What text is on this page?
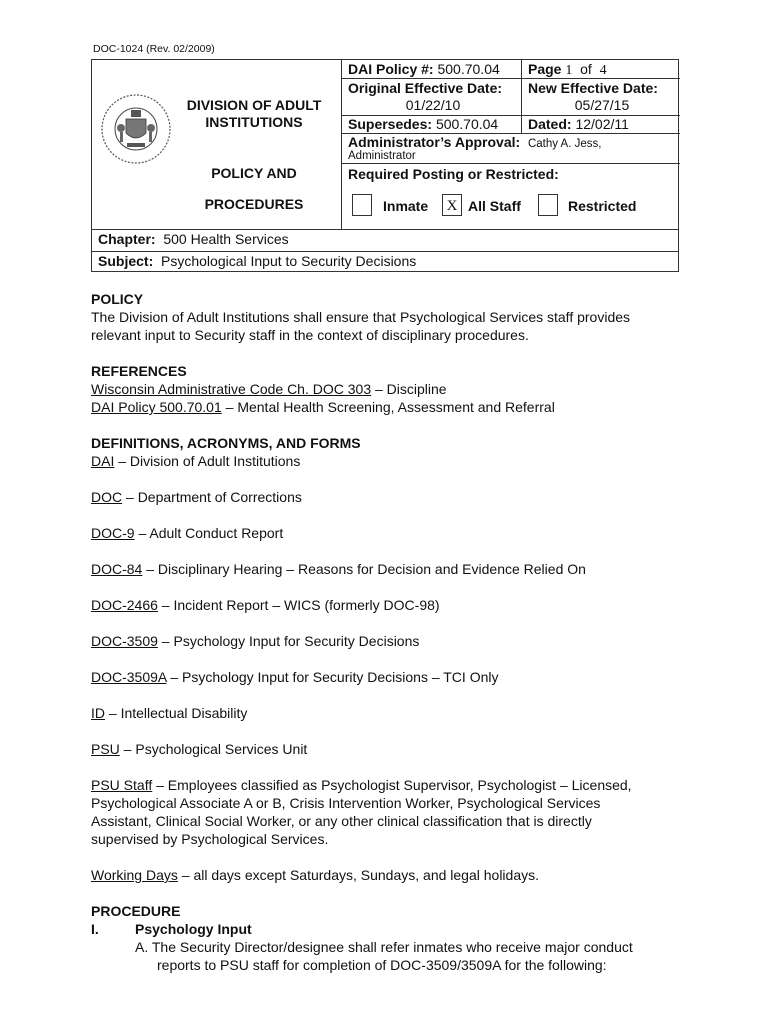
DOC-1024 (Rev. 02/2009)

DIVISION OF ADULT

INSTITUTIONS

POLICY AND

PROCEDURES

DAI Policy #: 500.70.04 Page 1 of 4
Original Effective Date:
01/22/10
New Effective Date:
05/27/15
Supersedes: 500.70.04 Dated: 12/02/11
Administrator’s Approval: Cathy A. Jess,
Administrator
Required Posting or Restricted:
Inmate	X All Staff	Restricted
Chapter: 500 Health Services
Subject: Psychological Input to Security Decisions
POLICY

The Division of Adult Institutions shall ensure that Psychological Services staff provides

relevant input to Security staff in the context of disciplinary procedures.

REFERENCES

Wisconsin Administrative Code Ch. DOC 303 – Discipline

DAI Policy 500.70.01 – Mental Health Screening, Assessment and Referral

DEFINITIONS, ACRONYMS, AND FORMS

DAI – Division of Adult Institutions

DOC – Department of Corrections

DOC-9 – Adult Conduct Report

DOC-84 – Disciplinary Hearing – Reasons for Decision and Evidence Relied On

DOC-2466 – Incident Report – WICS (formerly DOC-98)

DOC-3509 – Psychology Input for Security Decisions

DOC-3509A – Psychology Input for Security Decisions – TCI Only

ID – Intellectual Disability

PSU – Psychological Services Unit

PSU Staff – Employees classified as Psychologist Supervisor, Psychologist – Licensed,

Psychological Associate A or B, Crisis Intervention Worker, Psychological Services

Assistant, Clinical Social Worker, or any other clinical classification that is directly

supervised by Psychological Services.

Working Days – all days except Saturdays, Sundays, and legal holidays.

PROCEDURE

I.	Psychology Input

A. The Security Director/designee shall refer inmates who receive major conduct

reports to PSU staff for completion of DOC-3509/3509A for the following:
